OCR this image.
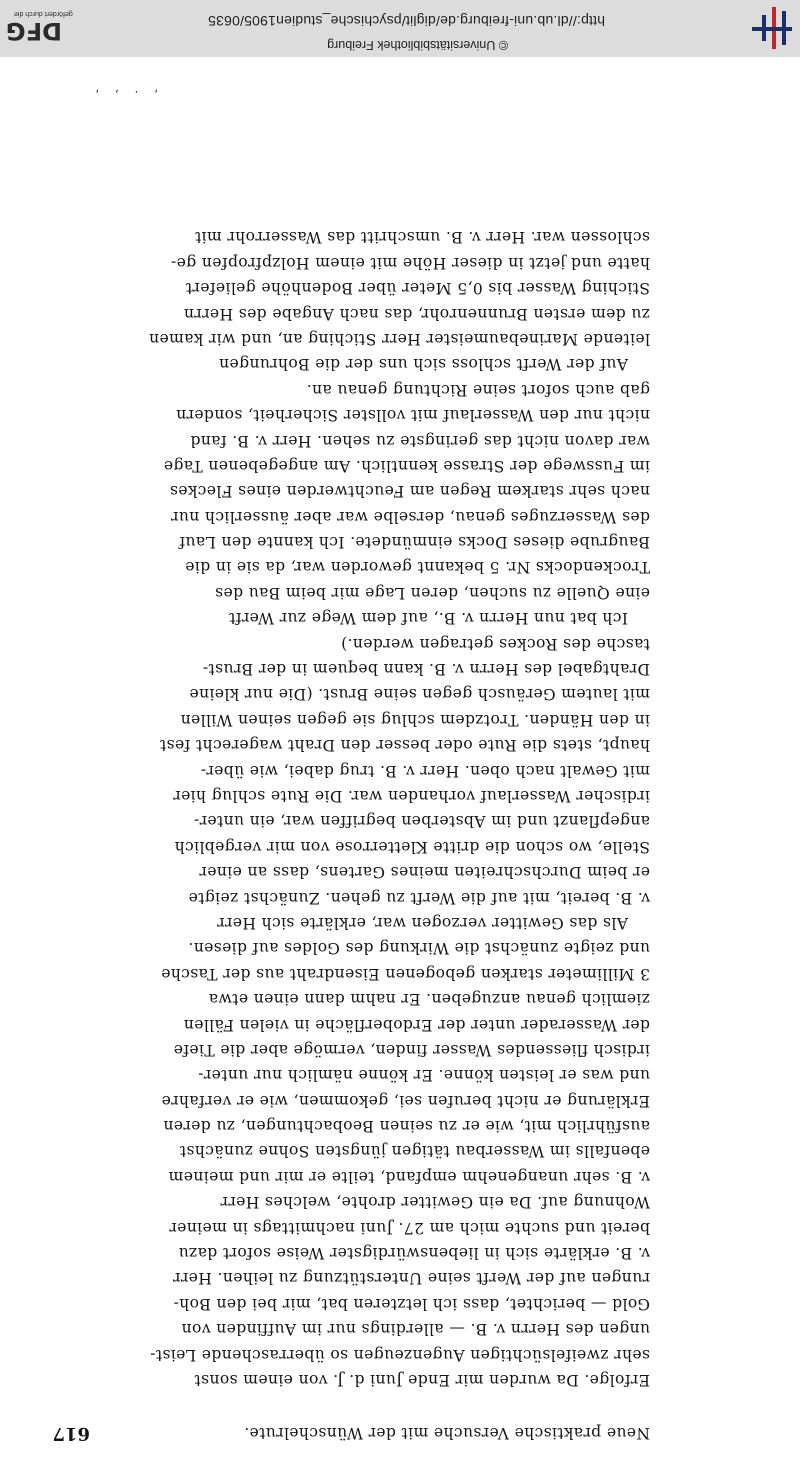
© Universitätsbibliothek Freiburg
http://dl.ub.uni-freiburg.de/diglit/psychische_studien1905/0635
DFG
gefördert durch die
Neue praktische Versuche mit der Wünschelrute.
617
Erfolge. Da wurden mir Ende Juni d. J. von einem sonst
sehr zweifelsüchtigen Augenzeugen so überraschende Leist-
ungen des Herrn v. B. — allerdings nur im Auffinden von
Gold — berichtet, dass ich letzteren bat, mir bei den Boh-
rungen auf der Werft seine Unterstützung zu leihen. Herr
v. B. erklärte sich in liebenswürdigster Weise sofort dazu
bereit und suchte mich am 27. Juni nachmittags in meiner
Wohnung auf. Da ein Gewitter drohte, welches Herr
v. B. sehr unangenehm empfand, teilte er mir und meinem
ebenfalls im Wasserbau tätigen jüngsten Sohne zunächst
ausführlich mit, wie er zu seinen Beobachtungen, zu deren
Erklärung er nicht berufen sei, gekommen, wie er verfahre
und was er leisten könne. Er könne nämlich nur unter-
irdisch fliessendes Wasser finden, vermöge aber die Tiefe
der Wasserader unter der Erdoberfläche in vielen Fällen
ziemlich genau anzugeben. Er nahm dann einen etwa
3 Millimeter starken gebogenen Eisendraht aus der Tasche
und zeigte zunächst die Wirkung des Goldes auf diesen.
Als das Gewitter verzogen war, erklärte sich Herr
v. B. bereit, mit auf die Werft zu gehen. Zunächst zeigte
er beim Durchschreiten meines Gartens, dass an einer
Stelle, wo schon die dritte Kletterrose von mir vergeblich
angepflanzt und im Absterben begriffen war, ein unter-
irdischer Wasserlauf vorhanden war. Die Rute schlug hier
mit Gewalt nach oben. Herr v. B. trug dabei, wie über-
haupt, stets die Rute oder besser den Draht wagerecht fest
in den Händen. Trotzdem schlug sie gegen seinen Willen
mit lautem Geräusch gegen seine Brust. (Die nur kleine
Drahtgabel des Herrn v. B. kann bequem in der Brust-
tasche des Rockes getragen werden.)
Ich bat nun Herrn v. B., auf dem Wege zur Werft
eine Quelle zu suchen, deren Lage mir beim Bau des
Trockendocks Nr. 5 bekannt geworden war, da sie in die
Baugrube dieses Docks einmündete. Ich kannte den Lauf
des Wasserzuges genau, derselbe war aber äusserlich nur
nach sehr starkem Regen am Feuchtwerden eines Fleckes
im Fusswege der Strasse kenntlich. Am angegebenen Tage
war davon nicht das geringste zu sehen. Herr v. B. fand
nicht nur den Wasserlauf mit vollster Sicherheit, sondern
gab auch sofort seine Richtung genau an.
Auf der Werft schloss sich uns der die Bohrungen
leitende Marinebaumeister Herr Stiching an, und wir kamen
zu dem ersten Brunnenrohr, das nach Angabe des Herrn
Stiching Wasser bis 0,5 Meter über Bodenhöhe geliefert
hatte und jetzt in dieser Höhe mit einem Holzpfropfen ge-
schlossen war. Herr v. B. umschritt das Wasserrohr mit
, . , ,
